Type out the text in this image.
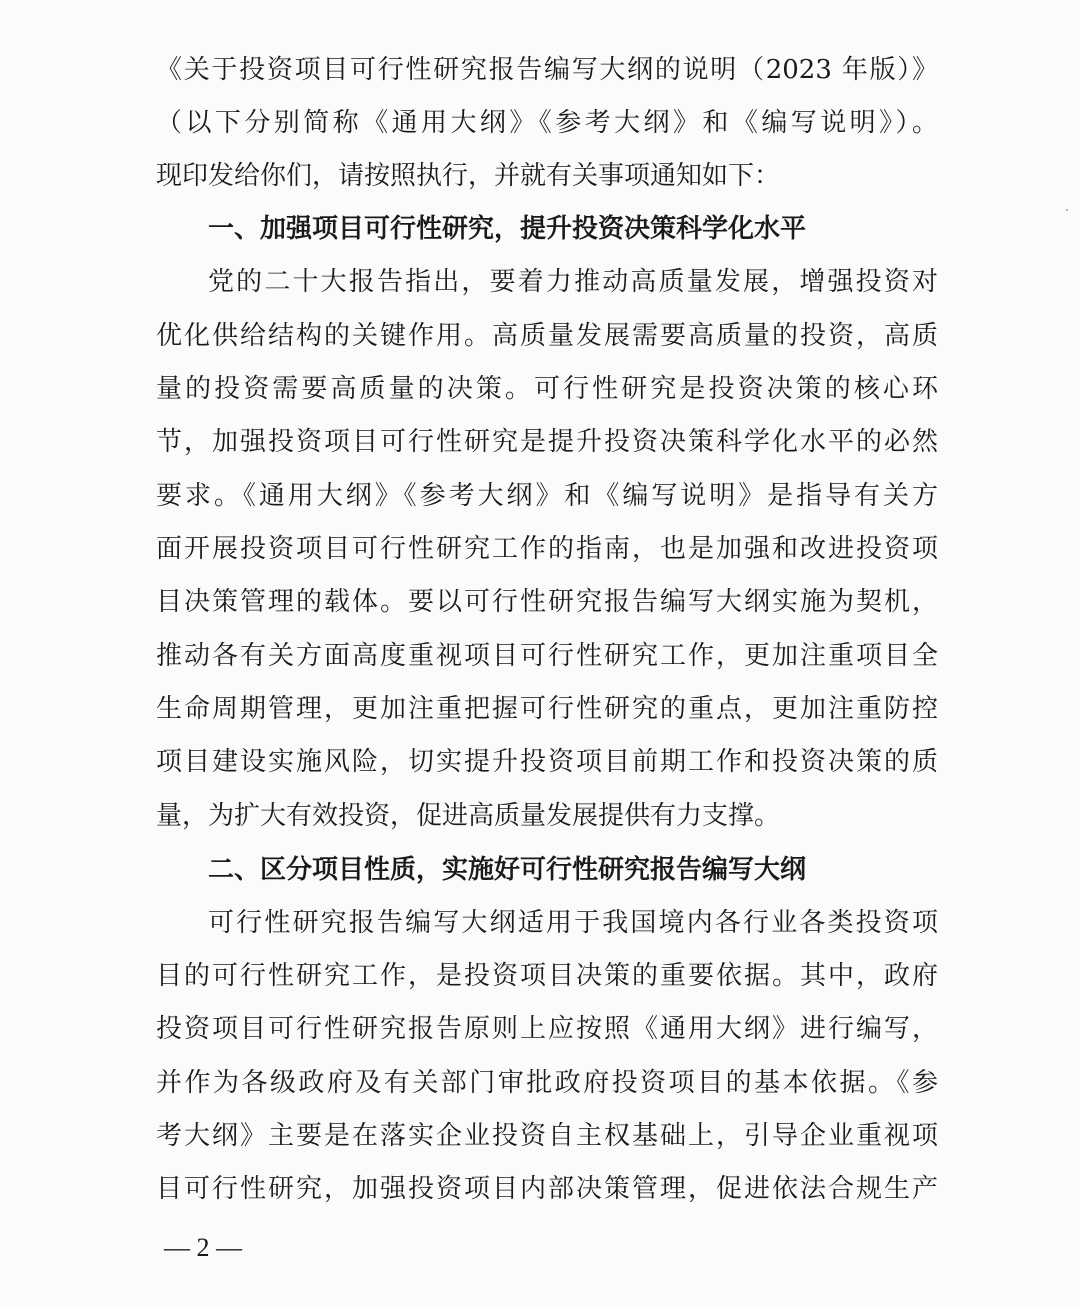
《关于投资项目可行性研究报告编写大纲的说明（2023 年版）》
（以下分别简称《通用大纲》《参考大纲》和《编写说明》）。
现印发给你们，请按照执行，并就有关事项通知如下：
一、加强项目可行性研究，提升投资决策科学化水平
党的二十大报告指出，要着力推动高质量发展，增强投资对
优化供给结构的关键作用。高质量发展需要高质量的投资，高质
量的投资需要高质量的决策。可行性研究是投资决策的核心环
节，加强投资项目可行性研究是提升投资决策科学化水平的必然
要求。《通用大纲》《参考大纲》和《编写说明》是指导有关方
面开展投资项目可行性研究工作的指南，也是加强和改进投资项
目决策管理的载体。要以可行性研究报告编写大纲实施为契机，
推动各有关方面高度重视项目可行性研究工作，更加注重项目全
生命周期管理，更加注重把握可行性研究的重点，更加注重防控
项目建设实施风险，切实提升投资项目前期工作和投资决策的质
量，为扩大有效投资，促进高质量发展提供有力支撑。
二、区分项目性质，实施好可行性研究报告编写大纲
可行性研究报告编写大纲适用于我国境内各行业各类投资项
目的可行性研究工作，是投资项目决策的重要依据。其中，政府
投资项目可行性研究报告原则上应按照《通用大纲》进行编写，
并作为各级政府及有关部门审批政府投资项目的基本依据。《参
考大纲》主要是在落实企业投资自主权基础上，引导企业重视项
目可行性研究，加强投资项目内部决策管理，促进依法合规生产
— 2 —
